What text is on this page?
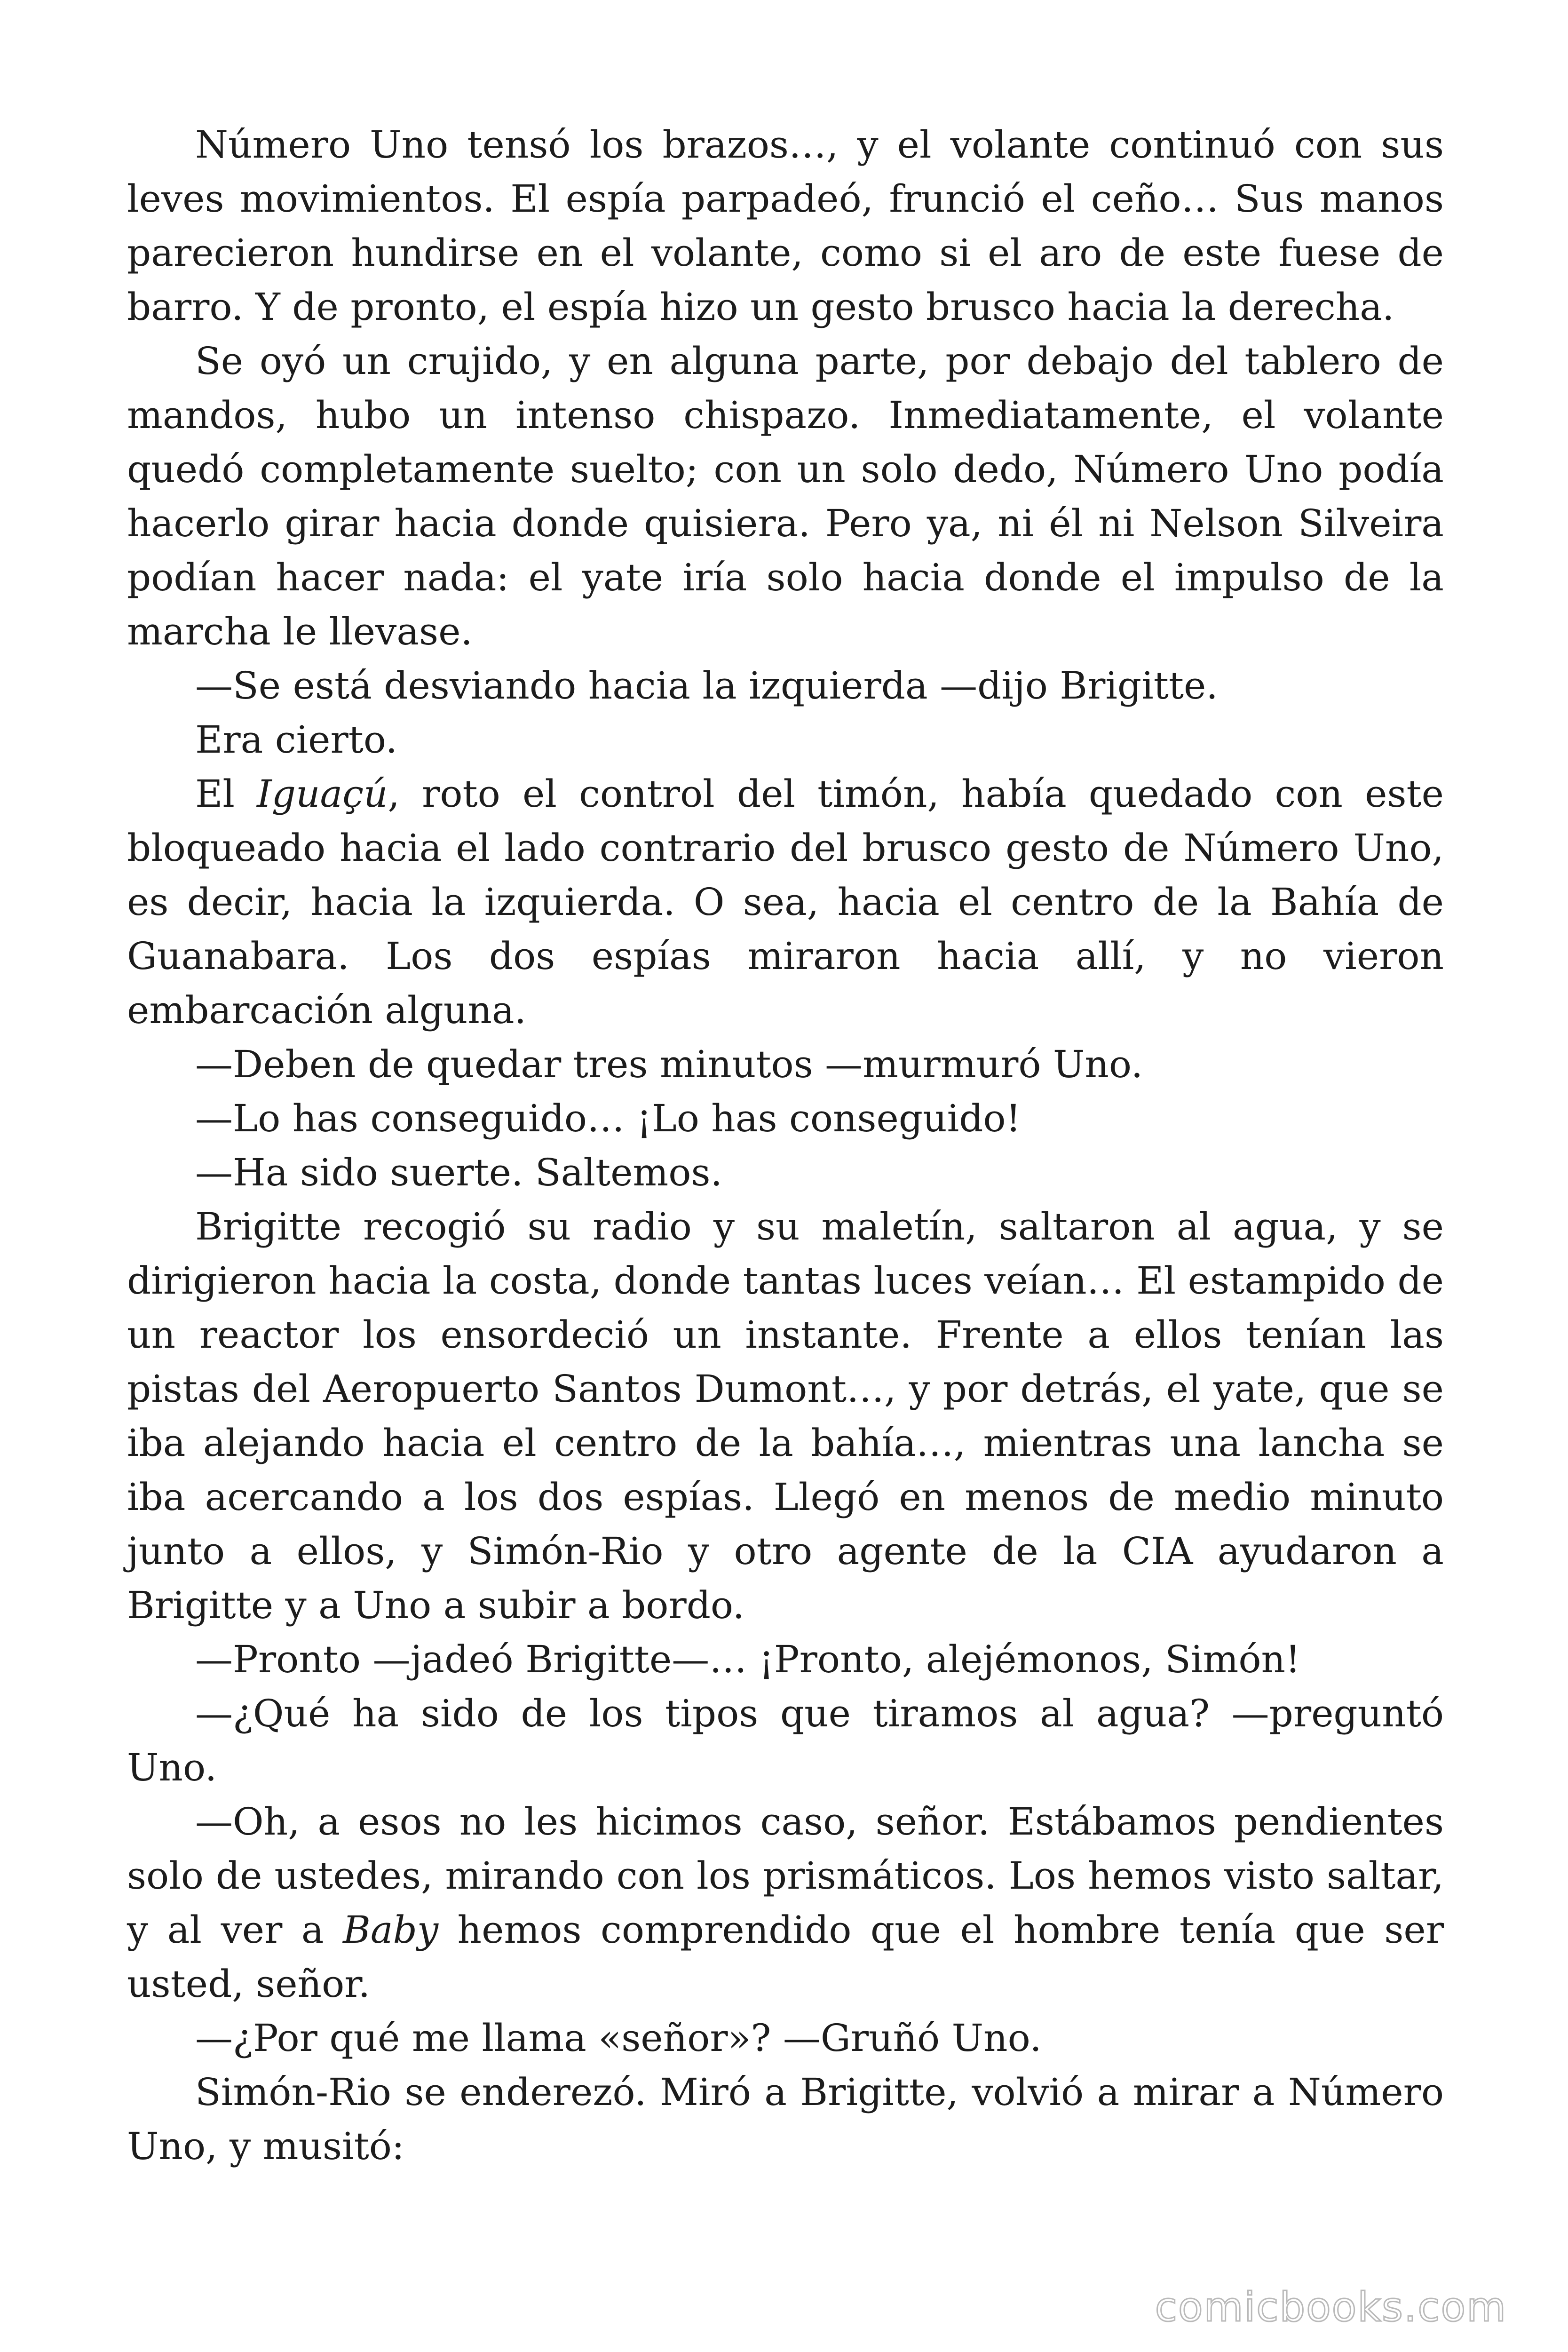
Número Uno tensó los brazos…, y el volante continuó con sus leves movimientos. El espía parpadeó, frunció el ceño… Sus manos parecieron hundirse en el volante, como si el aro de este fuese de barro. Y de pronto, el espía hizo un gesto brusco hacia la derecha.

Se oyó un crujido, y en alguna parte, por debajo del tablero de mandos, hubo un intenso chispazo. Inmediatamente, el volante quedó completamente suelto; con un solo dedo, Número Uno podía hacerlo girar hacia donde quisiera. Pero ya, ni él ni Nelson Silveira podían hacer nada: el yate iría solo hacia donde el impulso de la marcha le llevase.

—Se está desviando hacia la izquierda —dijo Brigitte.

Era cierto.

El Iguaçú, roto el control del timón, había quedado con este bloqueado hacia el lado contrario del brusco gesto de Número Uno, es decir, hacia la izquierda. O sea, hacia el centro de la Bahía de Guanabara. Los dos espías miraron hacia allí, y no vieron embarcación alguna.

—Deben de quedar tres minutos —murmuró Uno.

—Lo has conseguido… ¡Lo has conseguido!

—Ha sido suerte. Saltemos.

Brigitte recogió su radio y su maletín, saltaron al agua, y se dirigieron hacia la costa, donde tantas luces veían… El estampido de un reactor los ensordeció un instante. Frente a ellos tenían las pistas del Aeropuerto Santos Dumont…, y por detrás, el yate, que se iba alejando hacia el centro de la bahía…, mientras una lancha se iba acercando a los dos espías. Llegó en menos de medio minuto junto a ellos, y Simón-Rio y otro agente de la CIA ayudaron a Brigitte y a Uno a subir a bordo.

—Pronto —jadeó Brigitte—… ¡Pronto, alejémonos, Simón!

—¿Qué ha sido de los tipos que tiramos al agua? —preguntó Uno.

—Oh, a esos no les hicimos caso, señor. Estábamos pendientes solo de ustedes, mirando con los prismáticos. Los hemos visto saltar, y al ver a Baby hemos comprendido que el hombre tenía que ser usted, señor.

—¿Por qué me llama «señor»? —Gruñó Uno.

Simón-Rio se enderezó. Miró a Brigitte, volvió a mirar a Número Uno, y musitó:

comicbooks.com
